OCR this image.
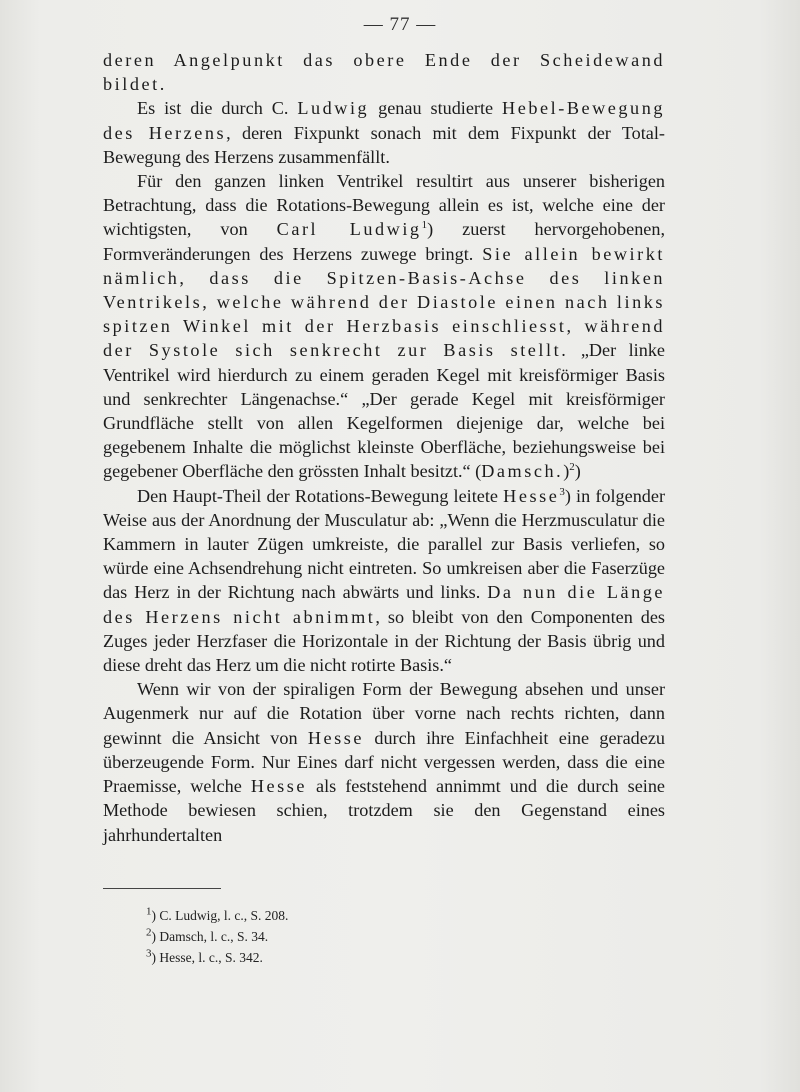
— 77 —

deren Angelpunkt das obere Ende der Scheidewand bildet.

Es ist die durch C. Ludwig genau studierte Hebel-Bewegung des Herzens, deren Fixpunkt sonach mit dem Fixpunkt der Total-Bewegung des Herzens zusammenfällt.

Für den ganzen linken Ventrikel resultirt aus unserer bisherigen Betrachtung, dass die Rotations-Bewegung allein es ist, welche eine der wichtigsten, von Carl Ludwig$^1$) zuerst hervorgehobenen, Formveränderungen des Herzens zuwege bringt. Sie allein bewirkt nämlich, dass die Spitzen-Basis-Achse des linken Ventrikels, welche während der Diastole einen nach links spitzen Winkel mit der Herzbasis einschliesst, während der Systole sich senkrecht zur Basis stellt. „Der linke Ventrikel wird hierdurch zu einem geraden Kegel mit kreisförmiger Basis und senkrechter Längenachse.“ „Der gerade Kegel mit kreisförmiger Grundfläche stellt von allen Kegelformen diejenige dar, welche bei gegebenem Inhalte die möglichst kleinste Oberfläche, beziehungsweise bei gegebener Oberfläche den grössten Inhalt besitzt.“ (Damsch.)$^2$)

Den Haupt-Theil der Rotations-Bewegung leitete Hesse$^3$) in folgender Weise aus der Anordnung der Musculatur ab: „Wenn die Herzmusculatur die Kammern in lauter Zügen umkreiste, die parallel zur Basis verliefen, so würde eine Achsendrehung nicht eintreten. So umkreisen aber die Faserzüge das Herz in der Richtung nach abwärts und links. Da nun die Länge des Herzens nicht abnimmt, so bleibt von den Componenten des Zuges jeder Herzfaser die Horizontale in der Richtung der Basis übrig und diese dreht das Herz um die nicht rotirte Basis.“

Wenn wir von der spiraligen Form der Bewegung absehen und unser Augenmerk nur auf die Rotation über vorne nach rechts richten, dann gewinnt die Ansicht von Hesse durch ihre Einfachheit eine geradezu überzeugende Form. Nur Eines darf nicht vergessen werden, dass die eine Praemisse, welche Hesse als feststehend annimmt und die durch seine Methode bewiesen schien, trotzdem sie den Gegenstand eines jahrhundertalten

$^1$) C. Ludwig, l. c., S. 208.
$^2$) Damsch, l. c., S. 34.
$^3$) Hesse, l. c., S. 342.
